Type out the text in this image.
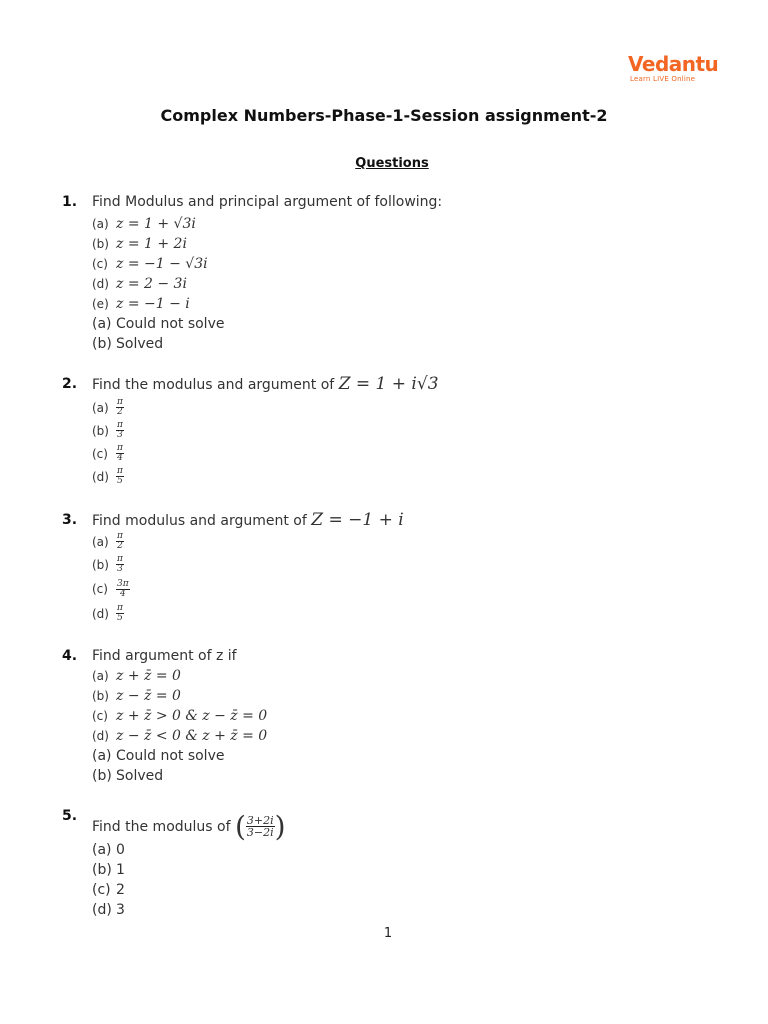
Vedantu
Learn LIVE Online
Complex Numbers-Phase-1-Session assignment-2
Questions
1. Find Modulus and principal argument of following:
(a) z = 1 + √3i
(b) z = 1 + 2i
(c) z = −1 − √3i
(d) z = 2 − 3i
(e) z = −1 − i
(a) Could not solve
(b) Solved
2. Find the modulus and argument of Z = 1 + i√3
$(a) \frac{\pi}{2}$
$(b) \frac{\pi}{3}$
$(c) \frac{\pi}{4}$
$(d) \frac{\pi}{5}$
3. Find modulus and argument of Z = −1 + i
$(a) \frac{\pi}{2}$
$(b) \frac{\pi}{3}$
$(c) \frac{3\pi}{4}$
$(d) \frac{\pi}{5}$
4. Find argument of z if
(a) z + z̄ = 0
(b) z − z̄ = 0
(c) z + z̄ > 0 & z − z̄ = 0
(d) z − z̄ < 0 & z + z̄ = 0
(a) Could not solve
(b) Solved
5.
Find the modulus of
( $\frac{3+2i}{3-2i}$ )
(a) 0
(b) 1
(c) 2
(d) 3
1
